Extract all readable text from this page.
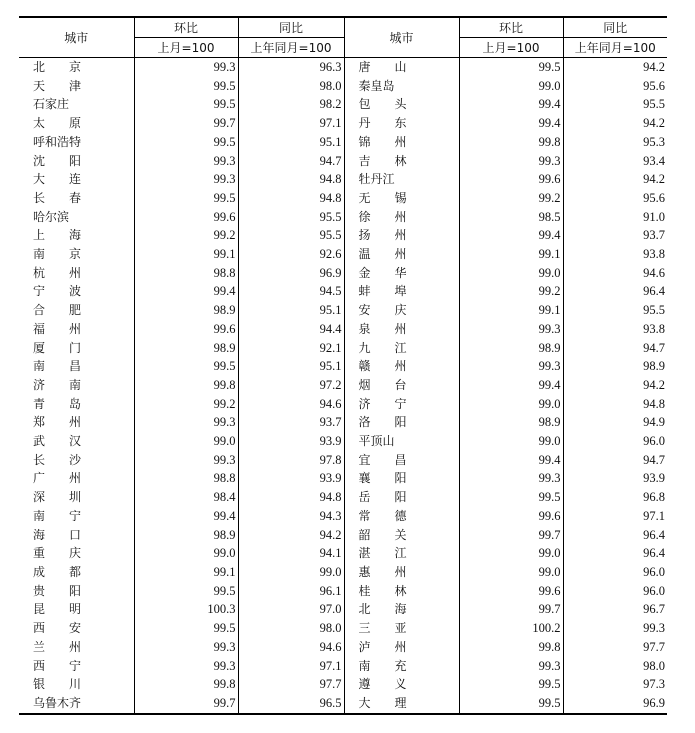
城市	环比	同比	城市	环比	同比
	上月=100	上年同月=100		上月=100	上年同月=100
北　　京	99.3	96.3	唐　　山	99.5	94.2
天　　津	99.5	98.0	秦皇岛	99.0	95.6
石家庄	99.5	98.2	包　　头	99.4	95.5
太　　原	99.7	97.1	丹　　东	99.4	94.2
呼和浩特	99.5	95.1	锦　　州	99.8	95.3
沈　　阳	99.3	94.7	吉　　林	99.3	93.4
大　　连	99.3	94.8	牡丹江	99.6	94.2
长　　春	99.5	94.8	无　　锡	99.2	95.6
哈尔滨	99.6	95.5	徐　　州	98.5	91.0
上　　海	99.2	95.5	扬　　州	99.4	93.7
南　　京	99.1	92.6	温　　州	99.1	93.8
杭　　州	98.8	96.9	金　　华	99.0	94.6
宁　　波	99.4	94.5	蚌　　埠	99.2	96.4
合　　肥	98.9	95.1	安　　庆	99.1	95.5
福　　州	99.6	94.4	泉　　州	99.3	93.8
厦　　门	98.9	92.1	九　　江	98.9	94.7
南　　昌	99.5	95.1	赣　　州	99.3	98.9
济　　南	99.8	97.2	烟　　台	99.4	94.2
青　　岛	99.2	94.6	济　　宁	99.0	94.8
郑　　州	99.3	93.7	洛　　阳	98.9	94.9
武　　汉	99.0	93.9	平顶山	99.0	96.0
长　　沙	99.3	97.8	宜　　昌	99.4	94.7
广　　州	98.8	93.9	襄　　阳	99.3	93.9
深　　圳	98.4	94.8	岳　　阳	99.5	96.8
南　　宁	99.4	94.3	常　　德	99.6	97.1
海　　口	98.9	94.2	韶　　关	99.7	96.4
重　　庆	99.0	94.1	湛　　江	99.0	96.4
成　　都	99.1	99.0	惠　　州	99.0	96.0
贵　　阳	99.5	96.1	桂　　林	99.6	96.0
昆　　明	100.3	97.0	北　　海	99.7	96.7
西　　安	99.5	98.0	三　　亚	100.2	99.3
兰　　州	99.3	94.6	泸　　州	99.8	97.7
西　　宁	99.3	97.1	南　　充	99.3	98.0
银　　川	99.8	97.7	遵　　义	99.5	97.3
乌鲁木齐	99.7	96.5	大　　理	99.5	96.9
